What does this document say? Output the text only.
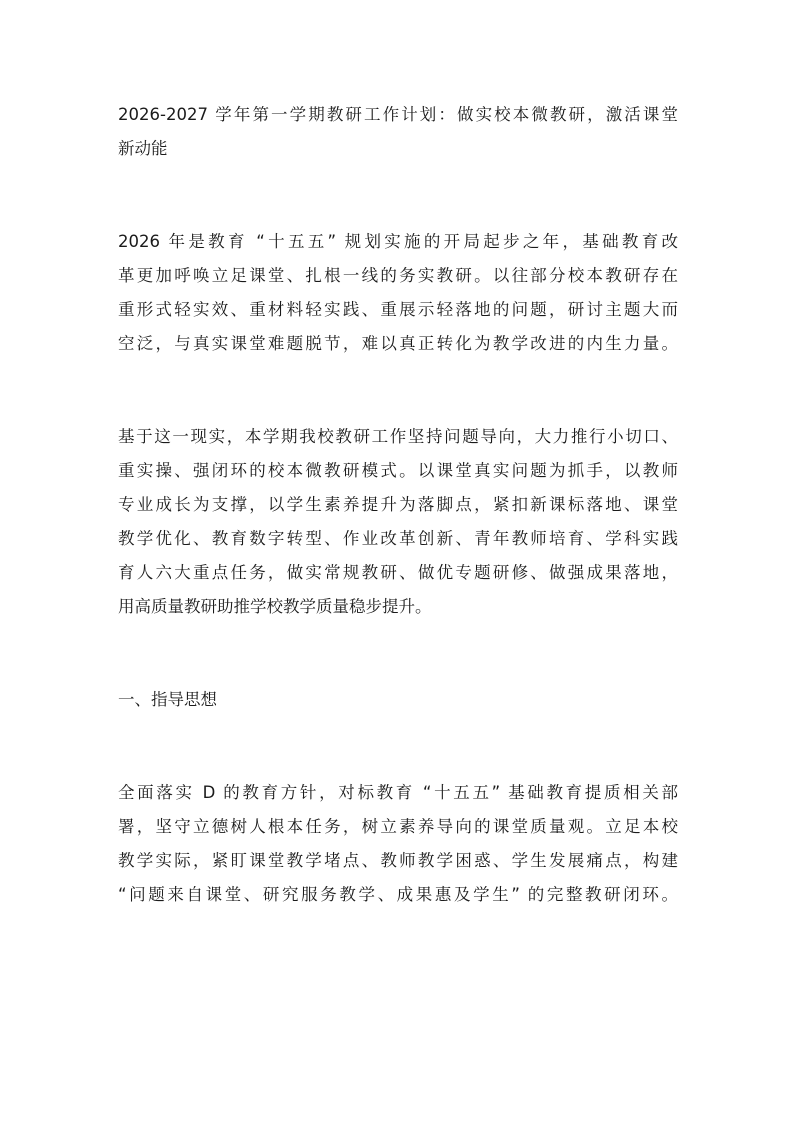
2026-2027 学年第一学期教研工作计划：做实校本微教研，激活课堂
新动能
2026 年是教育 “十五五” 规划实施的开局起步之年，基础教育改
革更加呼唤立足课堂、扎根一线的务实教研。以往部分校本教研存在
重形式轻实效、重材料轻实践、重展示轻落地的问题，研讨主题大而
空泛，与真实课堂难题脱节，难以真正转化为教学改进的内生力量。
基于这一现实，本学期我校教研工作坚持问题导向，大力推行小切口、
重实操、强闭环的校本微教研模式。以课堂真实问题为抓手，以教师
专业成长为支撑，以学生素养提升为落脚点，紧扣新课标落地、课堂
教学优化、教育数字转型、作业改革创新、青年教师培育、学科实践
育人六大重点任务，做实常规教研、做优专题研修、做强成果落地，
用高质量教研助推学校教学质量稳步提升。
一、指导思想
全面落实 D 的教育方针，对标教育 “十五五” 基础教育提质相关部
署，坚守立德树人根本任务，树立素养导向的课堂质量观。立足本校
教学实际，紧盯课堂教学堵点、教师教学困惑、学生发展痛点，构建
“问题来自课堂、研究服务教学、成果惠及学生” 的完整教研闭环。
